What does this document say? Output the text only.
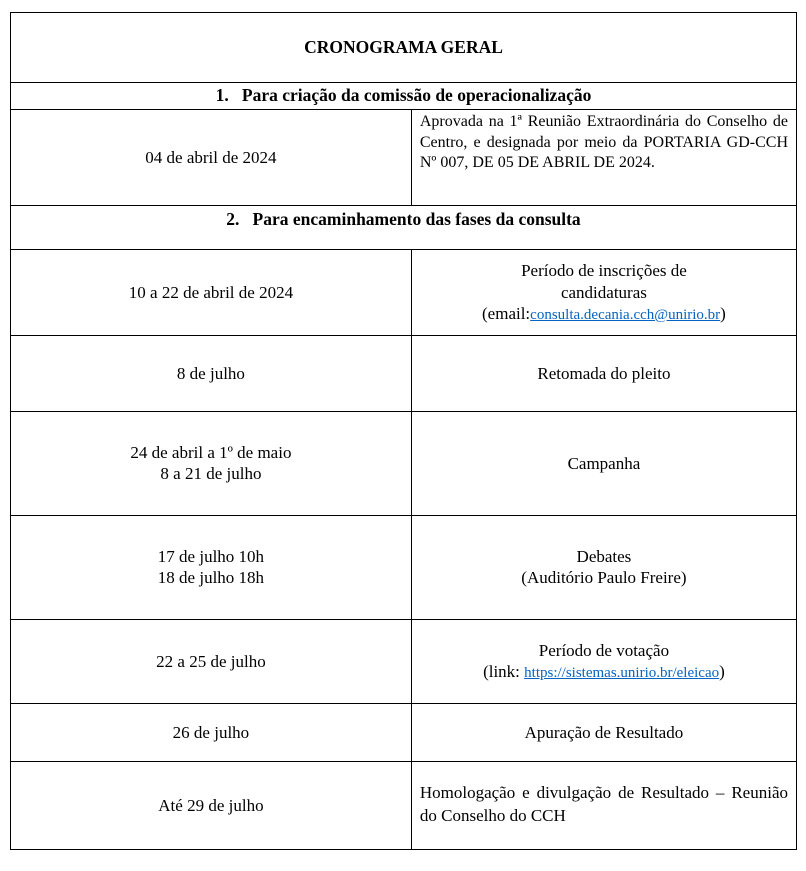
CRONOGRAMA GERAL	
1.   Para criação da comissão de operacionalização	
04 de abril de 2024	Aprovada na 1ª Reunião Extraordinária do Conselho de Centro, e designada por meio da PORTARIA GD-CCH Nº 007, DE 05 DE ABRIL DE 2024.
2.   Para encaminhamento das fases da consulta	
10 a 22 de abril de 2024	Período de inscrições de
candidaturas
(email:consulta.decania.cch@unirio.br)

8 de julho	Retomada do pleito

24 de abril a 1º de maio
8 a 21 de julho	Campanha

17 de julho 10h
18 de julho 18h	Debates
(Auditório Paulo Freire)

22 a 25 de julho	Período de votação
(link: https://sistemas.unirio.br/eleicao)

26 de julho	Apuração de Resultado
Até 29 de julho	Homologação e divulgação de Resultado – Reunião do Conselho do CCH
